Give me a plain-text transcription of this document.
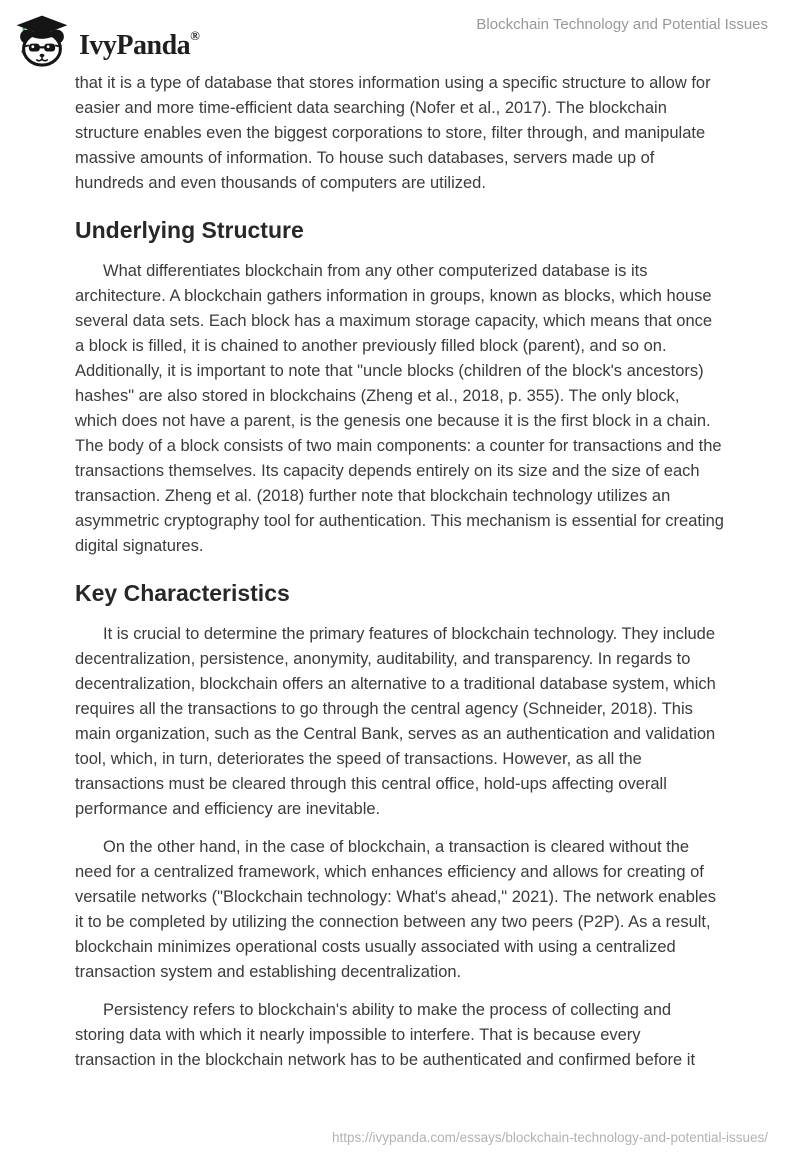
IvyPanda®
Blockchain Technology and Potential Issues

that it is a type of database that stores information using a specific structure to allow for easier and more time-efficient data searching (Nofer et al., 2017). The blockchain structure enables even the biggest corporations to store, filter through, and manipulate massive amounts of information. To house such databases, servers made up of hundreds and even thousands of computers are utilized.

Underlying Structure

What differentiates blockchain from any other computerized database is its architecture. A blockchain gathers information in groups, known as blocks, which house several data sets. Each block has a maximum storage capacity, which means that once a block is filled, it is chained to another previously filled block (parent), and so on. Additionally, it is important to note that "uncle blocks (children of the block's ancestors) hashes" are also stored in blockchains (Zheng et al., 2018, p. 355). The only block, which does not have a parent, is the genesis one because it is the first block in a chain. The body of a block consists of two main components: a counter for transactions and the transactions themselves. Its capacity depends entirely on its size and the size of each transaction. Zheng et al. (2018) further note that blockchain technology utilizes an asymmetric cryptography tool for authentication. This mechanism is essential for creating digital signatures.

Key Characteristics

It is crucial to determine the primary features of blockchain technology. They include decentralization, persistence, anonymity, auditability, and transparency. In regards to decentralization, blockchain offers an alternative to a traditional database system, which requires all the transactions to go through the central agency (Schneider, 2018). This main organization, such as the Central Bank, serves as an authentication and validation tool, which, in turn, deteriorates the speed of transactions. However, as all the transactions must be cleared through this central office, hold-ups affecting overall performance and efficiency are inevitable.

On the other hand, in the case of blockchain, a transaction is cleared without the need for a centralized framework, which enhances efficiency and allows for creating of versatile networks ("Blockchain technology: What's ahead," 2021). The network enables it to be completed by utilizing the connection between any two peers (P2P). As a result, blockchain minimizes operational costs usually associated with using a centralized transaction system and establishing decentralization.

Persistency refers to blockchain's ability to make the process of collecting and storing data with which it nearly impossible to interfere. That is because every transaction in the blockchain network has to be authenticated and confirmed before it

https://ivypanda.com/essays/blockchain-technology-and-potential-issues/
